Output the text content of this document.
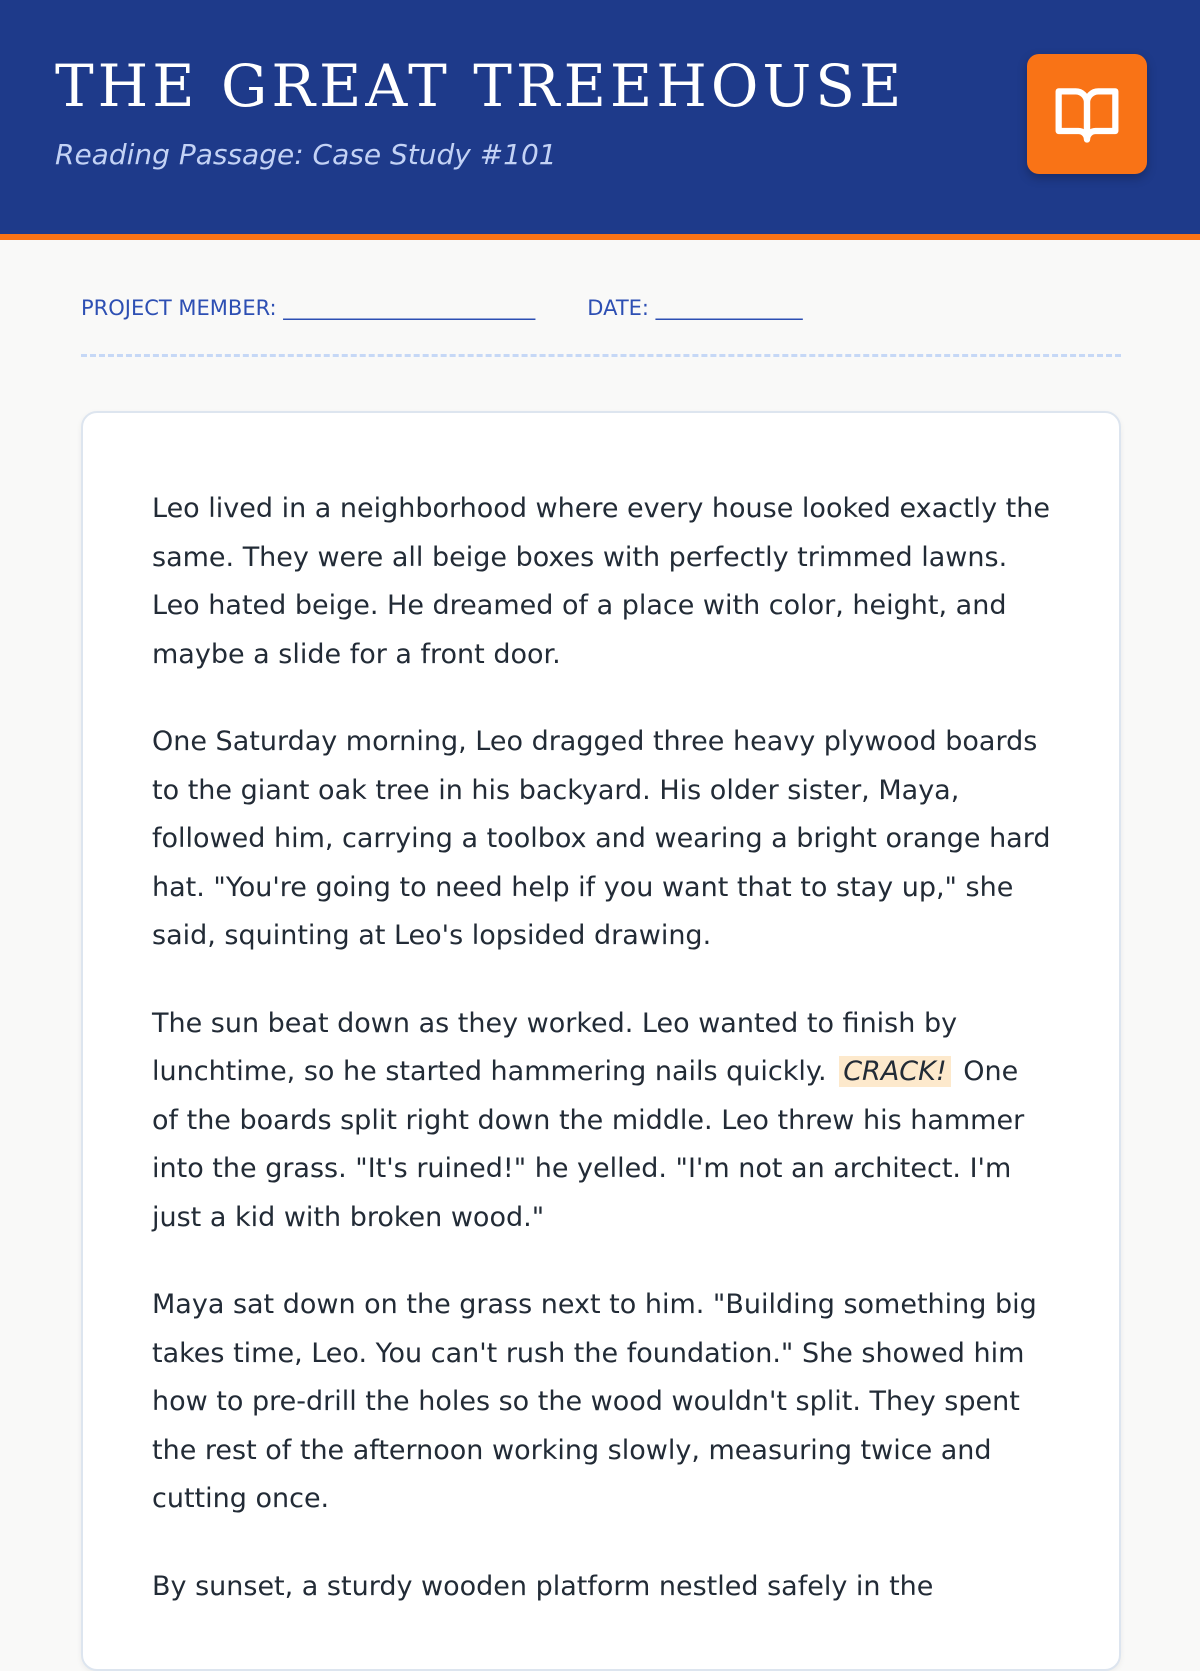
THE GREAT TREEHOUSE
Reading Passage: Case Study #101
PROJECT MEMBER: ________________________ DATE: ______________

Leo lived in a neighborhood where every house looked exactly the same. They were all beige boxes with perfectly trimmed lawns. Leo hated beige. He dreamed of a place with color, height, and maybe a slide for a front door.

One Saturday morning, Leo dragged three heavy plywood boards to the giant oak tree in his backyard. His older sister, Maya, followed him, carrying a toolbox and wearing a bright orange hard hat. "You're going to need help if you want that to stay up," she said, squinting at Leo's lopsided drawing.

The sun beat down as they worked. Leo wanted to finish by lunchtime, so he started hammering nails quickly. CRACK! One of the boards split right down the middle. Leo threw his hammer into the grass. "It's ruined!" he yelled. "I'm not an architect. I'm just a kid with broken wood."

Maya sat down on the grass next to him. "Building something big takes time, Leo. You can't rush the foundation." She showed him how to pre-drill the holes so the wood wouldn't split. They spent the rest of the afternoon working slowly, measuring twice and cutting once.

By sunset, a sturdy wooden platform nestled safely in the
